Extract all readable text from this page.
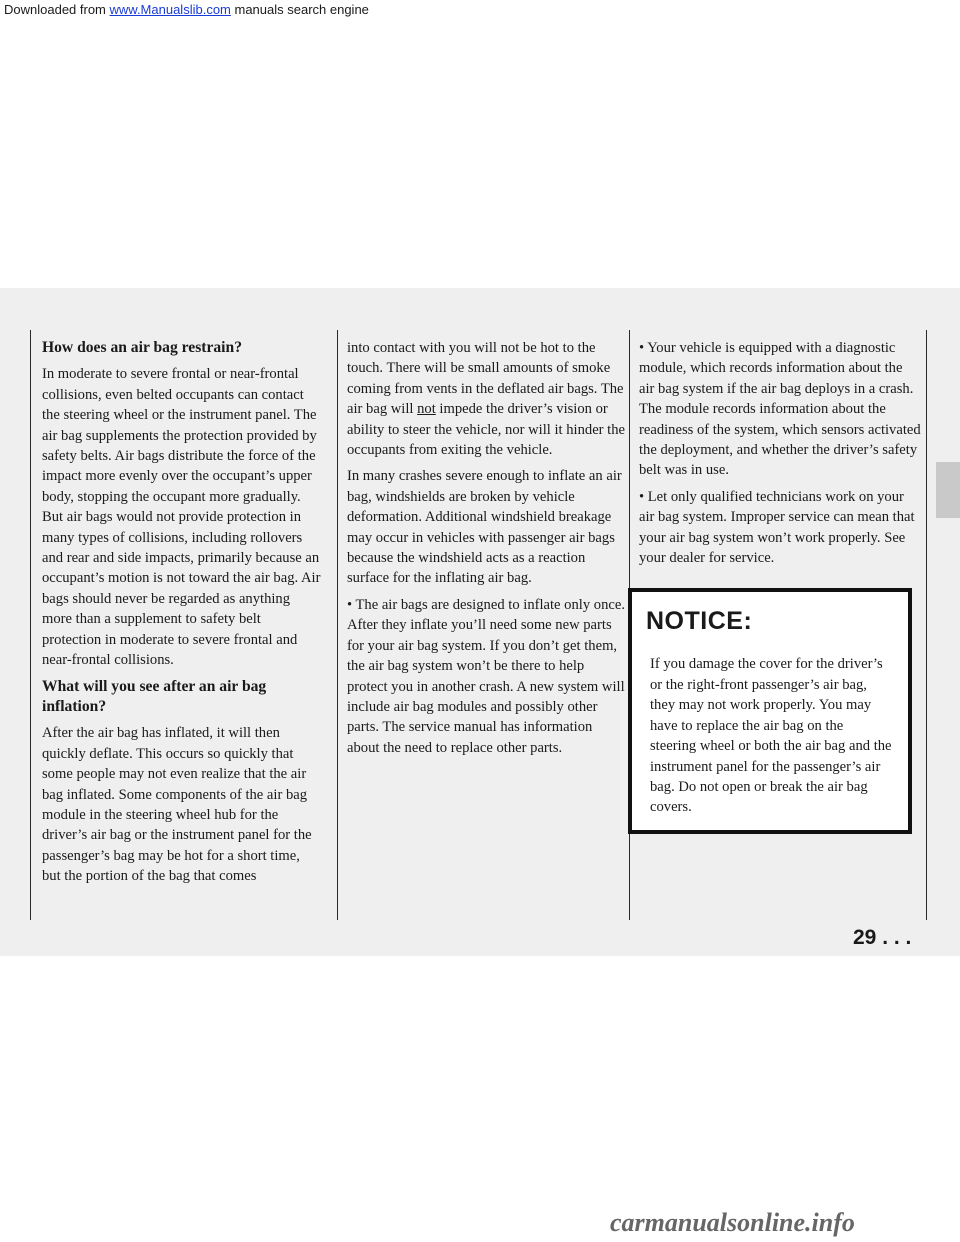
Downloaded from www.Manualslib.com manuals search engine
How does an air bag restrain?

In moderate to severe frontal or near-frontal collisions, even belted occupants can contact the steering wheel or the instrument panel. The air bag supplements the protection provided by safety belts. Air bags distribute the force of the impact more evenly over the occupant’s upper body, stopping the occupant more gradually. But air bags would not provide protection in many types of collisions, including rollovers and rear and side impacts, primarily because an occupant’s motion is not toward the air bag. Air bags should never be regarded as anything more than a supplement to safety belt protection in moderate to severe frontal and near-frontal collisions.

What will you see after an air bag inflation?

After the air bag has inflated, it will then quickly deflate. This occurs so quickly that some people may not even realize that the air bag inflated. Some components of the air bag module in the steering wheel hub for the driver’s air bag or the instrument panel for the passenger’s bag may be hot for a short time, but the portion of the bag that comes

into contact with you will not be hot to the touch. There will be small amounts of smoke coming from vents in the deflated air bags. The air bag will not impede the driver’s vision or ability to steer the vehicle, nor will it hinder the occupants from exiting the vehicle.

In many crashes severe enough to inflate an air bag, windshields are broken by vehicle deformation. Additional windshield breakage may occur in vehicles with passenger air bags because the windshield acts as a reaction surface for the inflating air bag.

• The air bags are designed to inflate only once. After they inflate you’ll need some new parts for your air bag system. If you don’t get them, the air bag system won’t be there to help protect you in another crash. A new system will include air bag modules and possibly other parts. The service manual has information about the need to replace other parts.

• Your vehicle is equipped with a diagnostic module, which records information about the air bag system if the air bag deploys in a crash. The module records information about the readiness of the system, which sensors activated the deployment, and whether the driver’s safety belt was in use.

• Let only qualified technicians work on your air bag system. Improper service can mean that your air bag system won’t work properly. See your dealer for service.

NOTICE:
If you damage the cover for the driver’s or the right-front passenger’s air bag, they may not work properly. You may have to replace the air bag on the steering wheel or both the air bag and the instrument panel for the passenger’s air bag. Do not open or break the air bag covers.
29 . . .
carmanualsonline.info
